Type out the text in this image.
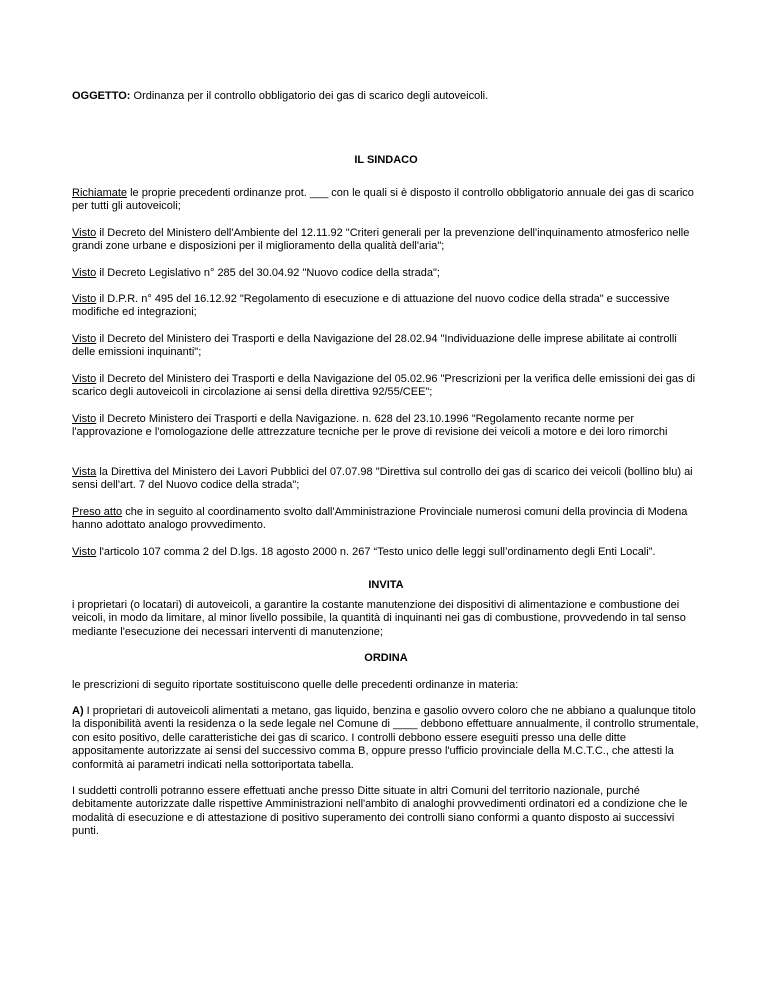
OGGETTO: Ordinanza per il controllo obbligatorio dei gas di scarico degli autoveicoli.
IL SINDACO

Richiamate le proprie precedenti ordinanze prot. ___ con le quali si è disposto il controllo obbligatorio annuale dei gas di scarico per tutti gli autoveicoli;

Visto il Decreto del Ministero dell'Ambiente del 12.11.92 "Criteri generali per la prevenzione dell'inquinamento atmosferico nelle grandi zone urbane e disposizioni per il miglioramento della qualità dell'aria";

Visto il Decreto Legislativo n° 285 del 30.04.92 "Nuovo codice della strada";

Visto il D.P.R. n° 495 del 16.12.92 "Regolamento di esecuzione e di attuazione del nuovo codice della strada" e successive modifiche ed integrazioni;

Visto il Decreto del Ministero dei Trasporti e della Navigazione del 28.02.94 "Individuazione delle imprese abilitate ai controlli delle emissioni inquinanti";

Visto il Decreto del Ministero dei Trasporti e della Navigazione del 05.02.96 "Prescrizioni per la verifica delle emissioni dei gas di scarico degli autoveicoli in circolazione ai sensi della direttiva 92/55/CEE";

Visto il Decreto Ministero dei Trasporti e della Navigazione. n. 628 del 23.10.1996 "Regolamento recante norme per l'approvazione e l'omologazione delle attrezzature tecniche per le prove di revisione dei veicoli a motore e dei loro rimorchi

Vista la Direttiva del Ministero dei Lavori Pubblici del 07.07.98 "Direttiva sul controllo dei gas di scarico dei veicoli (bollino blu) ai sensi dell'art. 7 del Nuovo codice della strada";

Preso atto che in seguito al coordinamento svolto dall'Amministrazione Provinciale numerosi comuni della provincia di Modena hanno adottato analogo provvedimento.

Visto l'articolo 107 comma 2 del D.lgs. 18 agosto 2000 n. 267 “Testo unico delle leggi sull’ordinamento degli Enti Locali”.

INVITA

i proprietari (o locatari) di autoveicoli, a garantire la costante manutenzione dei dispositivi di alimentazione e combustione dei veicoli, in modo da limitare, al minor livello possibile, la quantità di inquinanti nei gas di combustione, provvedendo in tal senso mediante l'esecuzione dei necessari interventi di manutenzione;

ORDINA

le prescrizioni di seguito riportate sostituiscono quelle delle precedenti ordinanze in materia:

A) I proprietari di autoveicoli alimentati a metano, gas liquido, benzina e gasolio ovvero coloro che ne abbiano a qualunque titolo la disponibilità aventi la residenza o la sede legale nel Comune di ____ debbono effettuare annualmente, il controllo strumentale, con esito positivo, delle caratteristiche dei gas di scarico. I controlli debbono essere eseguiti presso una delle ditte appositamente autorizzate ai sensi del successivo comma B, oppure presso l'ufficio provinciale della M.C.T.C., che attesti la conformità ai parametri indicati nella sottoriportata tabella.

I suddetti controlli potranno essere effettuati anche presso Ditte situate in altri Comuni del territorio nazionale, purché debitamente autorizzate dalle rispettive Amministrazioni nell'ambito di analoghi provvedimenti ordinatori ed a condizione che le modalità di esecuzione e di attestazione di positivo superamento dei controlli siano conformi a quanto disposto ai successivi punti.
